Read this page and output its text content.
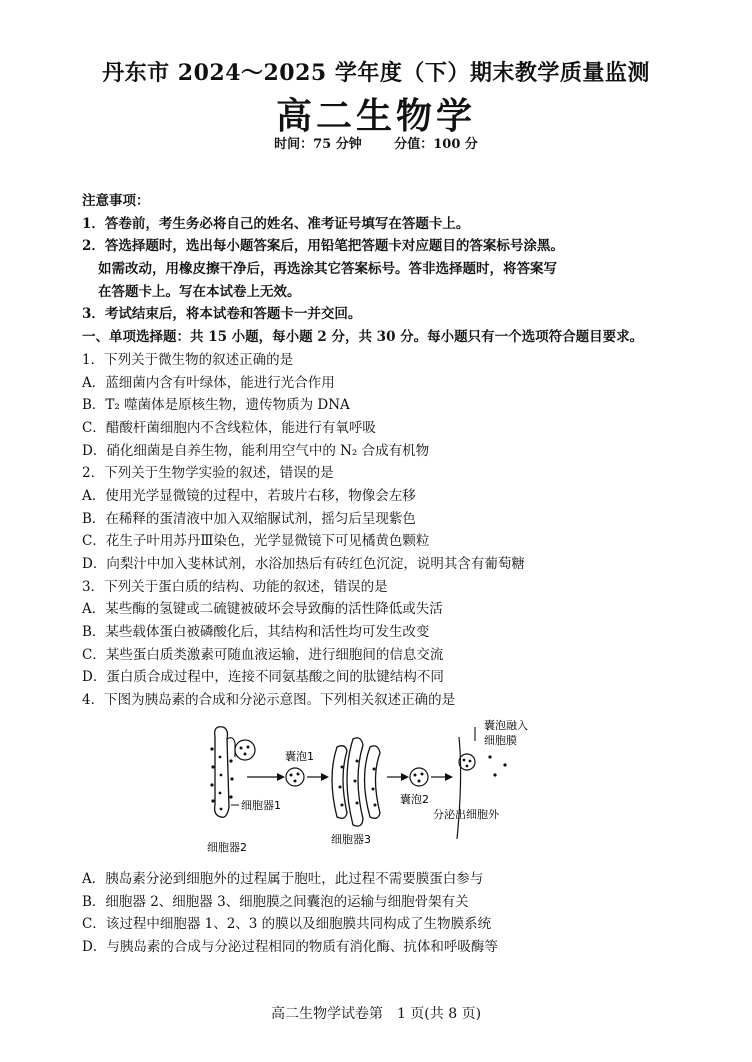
丹东市 2024～2025 学年度（下）期末教学质量监测
高二生物学
时间：75 分钟	分值：100 分
注意事项：
1．答卷前，考生务必将自己的姓名、准考证号填写在答题卡上。
2．答选择题时，选出每小题答案后，用铅笔把答题卡对应题目的答案标号涂黑。
如需改动，用橡皮擦干净后，再选涂其它答案标号。答非选择题时，将答案写
在答题卡上。写在本试卷上无效。
3．考试结束后，将本试卷和答题卡一并交回。
一、单项选择题：共 15 小题，每小题 2 分，共 30 分。每小题只有一个选项符合题目要求。
1．下列关于微生物的叙述正确的是
A．蓝细菌内含有叶绿体，能进行光合作用
B．T₂ 噬菌体是原核生物，遗传物质为 DNA
C．醋酸杆菌细胞内不含线粒体，能进行有氧呼吸
D．硝化细菌是自养生物，能利用空气中的 N₂ 合成有机物
2．下列关于生物学实验的叙述，错误的是
A．使用光学显微镜的过程中，若玻片右移，物像会左移
B．在稀释的蛋清液中加入双缩脲试剂，摇匀后呈现紫色
C．花生子叶用苏丹Ⅲ染色，光学显微镜下可见橘黄色颗粒
D．向梨汁中加入斐林试剂，水浴加热后有砖红色沉淀，说明其含有葡萄糖
3．下列关于蛋白质的结构、功能的叙述，错误的是
A．某些酶的氢键或二硫键被破坏会导致酶的活性降低或失活
B．某些载体蛋白被磷酸化后，其结构和活性均可发生改变
C．某些蛋白质类激素可随血液运输，进行细胞间的信息交流
D．蛋白质合成过程中，连接不同氨基酸之间的肽键结构不同
4．下图为胰岛素的合成和分泌示意图。下列相关叙述正确的是
囊泡1
细胞器3
囊泡2
囊泡融入
细胞膜
分泌出细胞外
细胞器1
细胞器2
A．胰岛素分泌到细胞外的过程属于胞吐，此过程不需要膜蛋白参与
B．细胞器 2、细胞器 3、细胞膜之间囊泡的运输与细胞骨架有关
C．该过程中细胞器 1、2、3 的膜以及细胞膜共同构成了生物膜系统
D．与胰岛素的合成与分泌过程相同的物质有消化酶、抗体和呼吸酶等
高二生物学试卷第　1 页(共 8 页)
